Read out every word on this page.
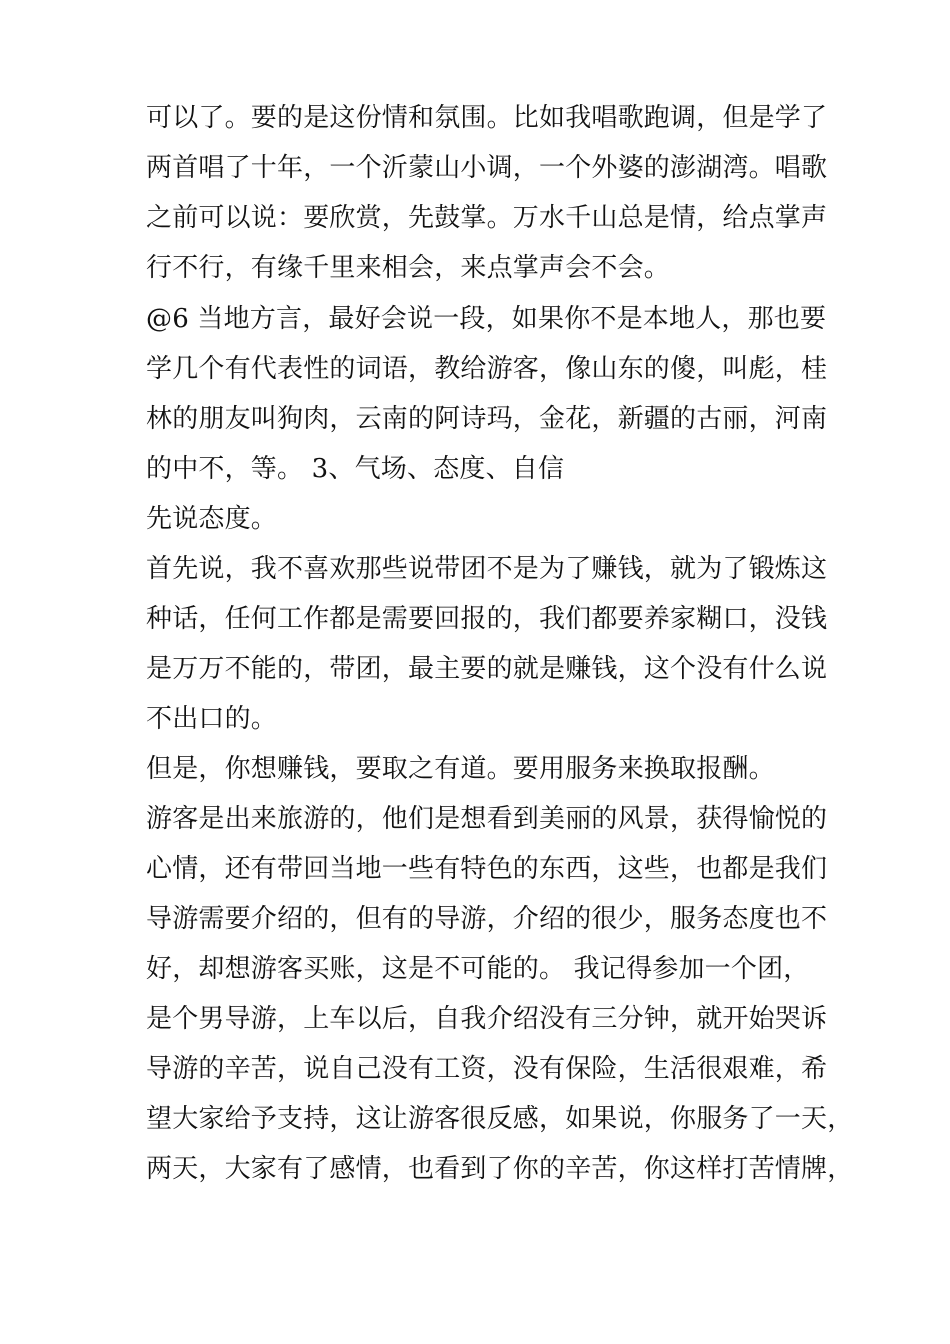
可以了。要的是这份情和氛围。比如我唱歌跑调，但是学了
两首唱了十年，一个沂蒙山小调，一个外婆的澎湖湾。唱歌
之前可以说：要欣赏，先鼓掌。万水千山总是情，给点掌声
行不行，有缘千里来相会，来点掌声会不会。
@6 当地方言，最好会说一段，如果你不是本地人，那也要
学几个有代表性的词语，教给游客，像山东的傻，叫彪，桂
林的朋友叫狗肉，云南的阿诗玛，金花，新疆的古丽，河南
的中不，等。 3、气场、态度、自信
先说态度。
首先说，我不喜欢那些说带团不是为了赚钱，就为了锻炼这
种话，任何工作都是需要回报的，我们都要养家糊口，没钱
是万万不能的，带团，最主要的就是赚钱，这个没有什么说
不出口的。
但是，你想赚钱，要取之有道。要用服务来换取报酬。
游客是出来旅游的，他们是想看到美丽的风景，获得愉悦的
心情，还有带回当地一些有特色的东西，这些，也都是我们
导游需要介绍的，但有的导游，介绍的很少，服务态度也不
好，却想游客买账，这是不可能的。 我记得参加一个团，
是个男导游，上车以后，自我介绍没有三分钟，就开始哭诉
导游的辛苦，说自己没有工资，没有保险，生活很艰难，希
望大家给予支持，这让游客很反感，如果说，你服务了一天，
两天，大家有了感情，也看到了你的辛苦，你这样打苦情牌，
